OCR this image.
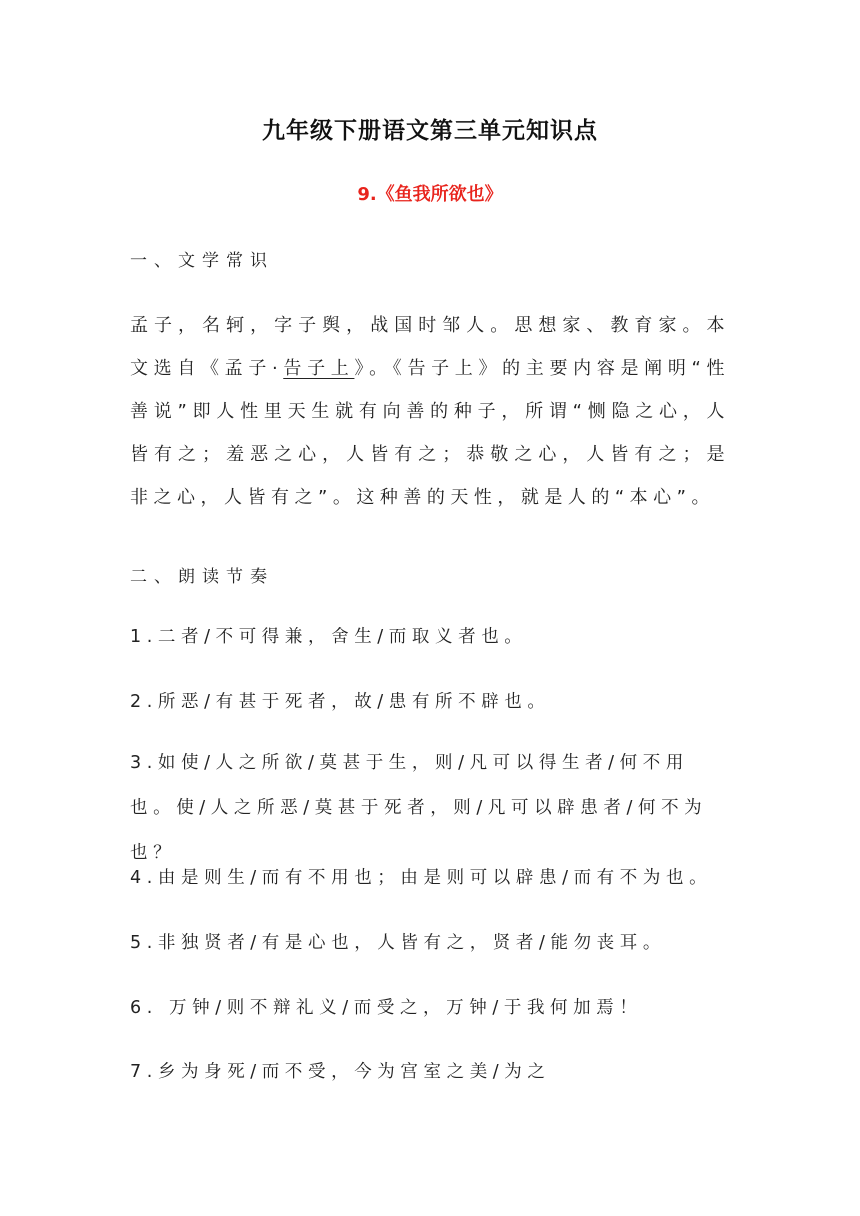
九年级下册语文第三单元知识点
9.《鱼我所欲也》
一、文学常识
孟子，名轲，字子舆，战国时邹人。思想家、教育家。本文选自《孟子·告子上》。《告子上》的主要内容是阐明“性善说”即人性里天生就有向善的种子，所谓“恻隐之心，人皆有之；羞恶之心，人皆有之；恭敬之心，人皆有之；是非之心，人皆有之”。这种善的天性，就是人的“本心”。
二、朗读节奏
1.二者/不可得兼，舍生/而取义者也。
2.所恶/有甚于死者，故/患有所不辟也。
3.如使/人之所欲/莫甚于生，则/凡可以得生者/何不用也。使/人之所恶/莫甚于死者，则/凡可以辟患者/何不为也？
4.由是则生/而有不用也；由是则可以辟患/而有不为也。
5.非独贤者/有是心也，人皆有之，贤者/能勿丧耳。
6. 万钟/则不辩礼义/而受之，万钟/于我何加焉！
7.乡为身死/而不受，今为宫室之美/为之
